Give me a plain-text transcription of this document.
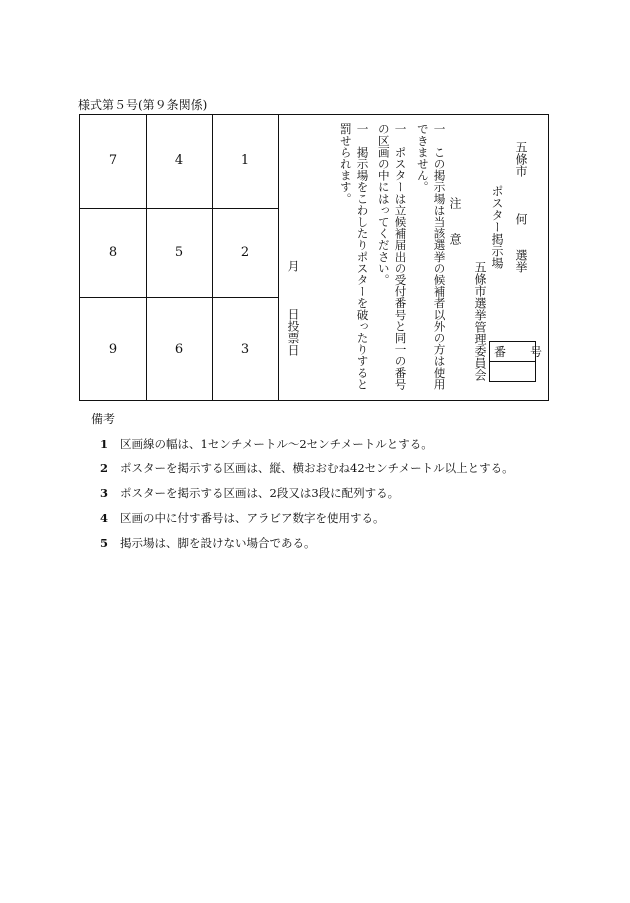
様式第５号(第９条関係)
7	4	1
8	5	2
9	6	3
月
日投票日	一　この掲示場は当該選挙の候補者以外の方は使用できません。
一　ポスターは立候補届出の受付番号と同一の番号の区画の中にはってください。
一　掲示場をこわしたりポスターを破ったりすると罰せられます。
注　　意
五條市
何　　選挙
ポスター掲示場
五條市選挙管理委員会 番　　号
備考
1 区画線の幅は、1センチメートル～2センチメートルとする。
2 ポスターを掲示する区画は、縦、横おおむね42センチメートル以上とする。
3 ポスターを掲示する区画は、2段又は3段に配列する。
4 区画の中に付す番号は、アラビア数字を使用する。
5 掲示場は、脚を設けない場合である。
